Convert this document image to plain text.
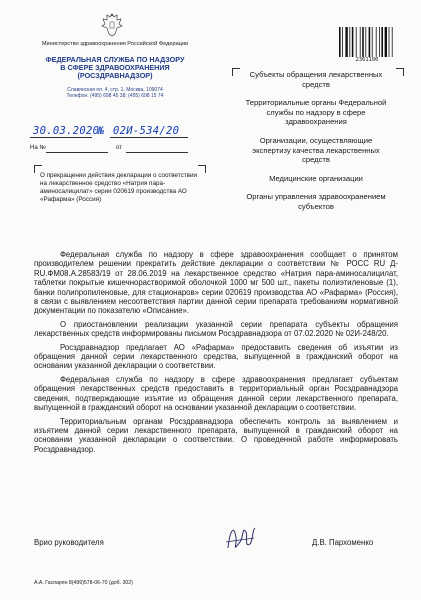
Министерство здравоохранения Российской Федерации
ФЕДЕРАЛЬНАЯ СЛУЖБА ПО НАДЗОРУ
В СФЕРЕ ЗДРАВООХРАНЕНИЯ
(РОСЗДРАВНАДЗОР)
Славянская пл. 4, стр. 1, Москва, 109074
Телефон: (495) 698 45 38; (495) 698 15 74
30.03.2020
№ 02И-534/20
На №	от
О прекращении действия декларации о соответствии на лекарственное средство «Натрия пара-аминосалицилат» серии 020619 производства АО «Рафарма» (Россия)
2361100
Субъекты обращения лекарственных средств
Территориальные органы Федеральной службы по надзору в сфере здравоохранения
Организации, осуществляющие экспертизу качества лекарственных средств
Медицинские организации
Органы управления здравоохранением субъектов

Федеральная служба по надзору в сфере здравоохранения сообщает о принятом производителем решении прекратить действие декларации о соответствии № РОСС RU Д-RU.ФМ08.А.28583/19 от 28.06.2019 на лекарственное средство «Натрия пара-аминосалицилат, таблетки покрытые кишечнорастворимой оболочкой 1000 мг 500 шт., пакеты полиэтиленовые (1), банки полипропиленовые, для стационаров» серии 020619 производства АО «Рафарма» (Россия), в связи с выявлением несоответствия партии данной серии препарата требованиям нормативной документации по показателю «Описание».

О приостановлении реализации указанной серии препарата субъекты обращения лекарственных средств информированы письмом Росздравнадзора от 07.02.2020 № 02И-248/20.

Росздравнадзор предлагает АО «Рафарма» предоставить сведения об изъятии из обращения данной серии лекарственного средства, выпущенной в гражданский оборот на основании указанной декларации о соответствии.

Федеральная служба по надзору в сфере здравоохранения предлагает субъектам обращения лекарственных средств предоставить в территориальный орган Росздравнадзора сведения, подтверждающие изъятие из обращения данной серии лекарственного препарата, выпущенной в гражданский оборот на основании указанной декларации о соответствии.

Территориальным органам Росздравнадзора обеспечить контроль за выявлением и изъятием данной серии лекарственного препарата, выпущенной в гражданский оборот на основании указанной декларации о соответствии. О проведенной работе информировать Росздравнадзор.

Врио руководителя	Д.В. Пархоменко
А.А. Гаспарян 8(499)578-06-70 (доб. 302)
